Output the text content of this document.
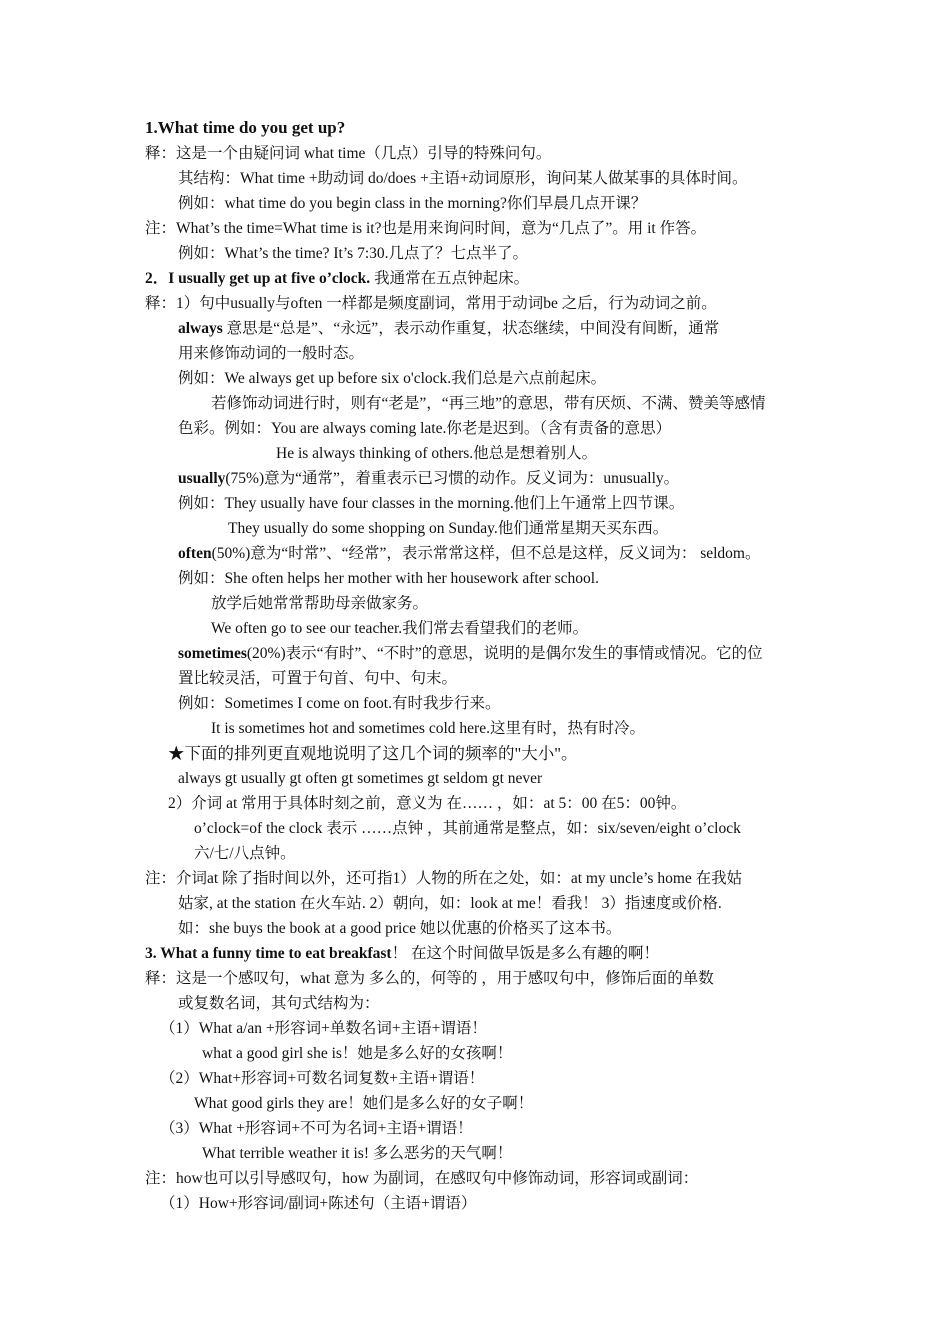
1.What time do you get up?
释：这是一个由疑问词 what time（几点）引导的特殊问句。
其结构：What time +助动词 do/does +主语+动词原形，询问某人做某事的具体时间。
例如：what time do you begin class in the morning?你们早晨几点开课？
注：What’s the time=What time is it?也是用来询问时间，意为“几点了”。用 it 作答。
例如：What’s the time? It’s 7:30.几点了？七点半了。
2．I usually get up at five o’clock. 我通常在五点钟起床。
释：1）句中usually与often 一样都是频度副词，常用于动词be 之后，行为动词之前。
always 意思是“总是”、“永远”，表示动作重复，状态继续，中间没有间断，通常
用来修饰动词的一般时态。
例如：We always get up before six o'clock.我们总是六点前起床。
若修饰动词进行时，则有“老是”，“再三地”的意思，带有厌烦、不满、赞美等感情
色彩。例如：You are always coming late.你老是迟到。（含有责备的意思）
He is always thinking of others.他总是想着别人。
usually(75%)意为“通常”，着重表示已习惯的动作。反义词为：unusually。
例如：They usually have four classes in the morning.他们上午通常上四节课。
They usually do some shopping on Sunday.他们通常星期天买东西。
often(50%)意为“时常”、“经常”，表示常常这样，但不总是这样，反义词为： seldom。
例如：She often helps her mother with her housework after school.
放学后她常常帮助母亲做家务。
We often go to see our teacher.我们常去看望我们的老师。
sometimes(20%)表示“有时”、“不时”的意思，说明的是偶尔发生的事情或情况。它的位
置比较灵活，可置于句首、句中、句末。
例如：Sometimes I come on foot.有时我步行来。
It is sometimes hot and sometimes cold here.这里有时，热有时冷。
★下面的排列更直观地说明了这几个词的频率的"大小"。
always gt usually gt often gt sometimes gt seldom gt never
2）介词 at 常用于具体时刻之前，意义为 在…… ，如：at 5：00 在5：00钟。
o’clock=of the clock 表示 ……点钟 ，其前通常是整点，如：six/seven/eight o’clock
六/七/八点钟。
注：介词at 除了指时间以外，还可指1）人物的所在之处，如：at my uncle’s home 在我姑
姑家, at the station 在火车站. 2）朝向，如：look at me！看我！ 3）指速度或价格.
如：she buys the book at a good price 她以优惠的价格买了这本书。
3. What a funny time to eat breakfast！ 在这个时间做早饭是多么有趣的啊！
释：这是一个感叹句，what 意为 多么的，何等的 ，用于感叹句中，修饰后面的单数
或复数名词，其句式结构为：
（1）What a/an +形容词+单数名词+主语+谓语！
what a good girl she is！她是多么好的女孩啊！
（2）What+形容词+可数名词复数+主语+谓语！
What good girls they are！她们是多么好的女子啊！
（3）What +形容词+不可为名词+主语+谓语！
What terrible weather it is! 多么恶劣的天气啊！
注：how也可以引导感叹句，how 为副词，在感叹句中修饰动词，形容词或副词：
（1）How+形容词/副词+陈述句（主语+谓语）
